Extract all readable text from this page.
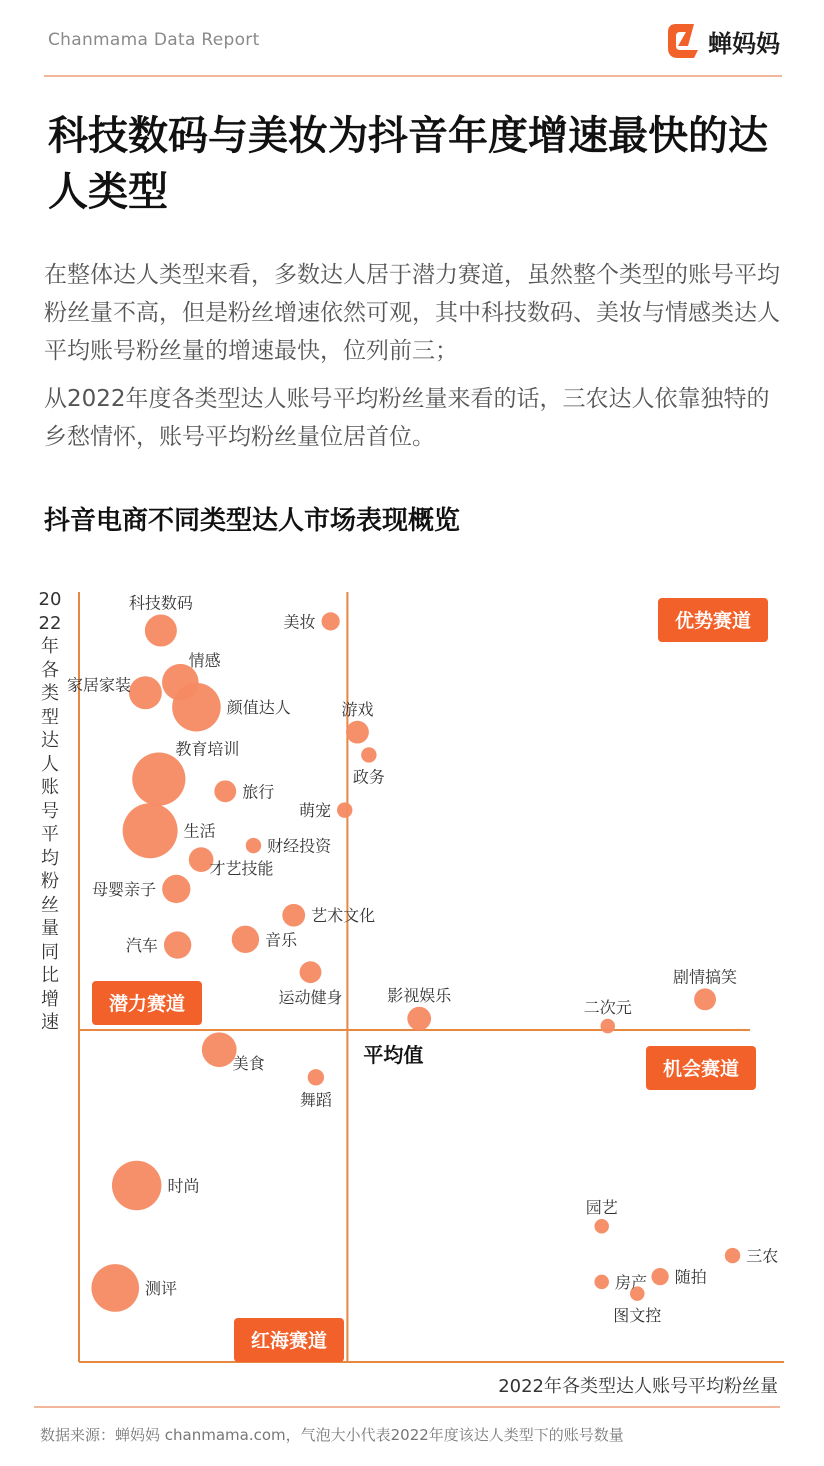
Chanmama Data Report	蝉妈妈
科技数码与美妆为抖音年度增速最快的达人类型

在整体达人类型来看，多数达人居于潜力赛道，虽然整个类型的账号平均粉丝量不高，但是粉丝增速依然可观，其中科技数码、美妆与情感类达人平均账号粉丝量的增速最快，位列前三；

从2022年度各类型达人账号平均粉丝量来看的话，三农达人依靠独特的乡愁情怀，账号平均粉丝量位居首位。

抖音电商不同类型达人市场表现概览
科技数码
美妆
家居家装
情感
颜值达人	游戏
政务
教育培训
旅行
萌宠
生活
财经投资
才艺技能
母婴亲子
艺术文化
汽车	音乐
运动健身
剧情搞笑
影视娱乐
二次元
美食
舞蹈
时尚
园艺
三农
房产 随拍
图文控
测评
平均值
优势赛道
潜力赛道
机会赛道
红海赛道
2022年各类型达人账号平均粉丝量同比增速
2022年各类型达人账号平均粉丝量
数据来源：蝉妈妈 chanmama.com，气泡大小代表2022年度该达人类型下的账号数量
